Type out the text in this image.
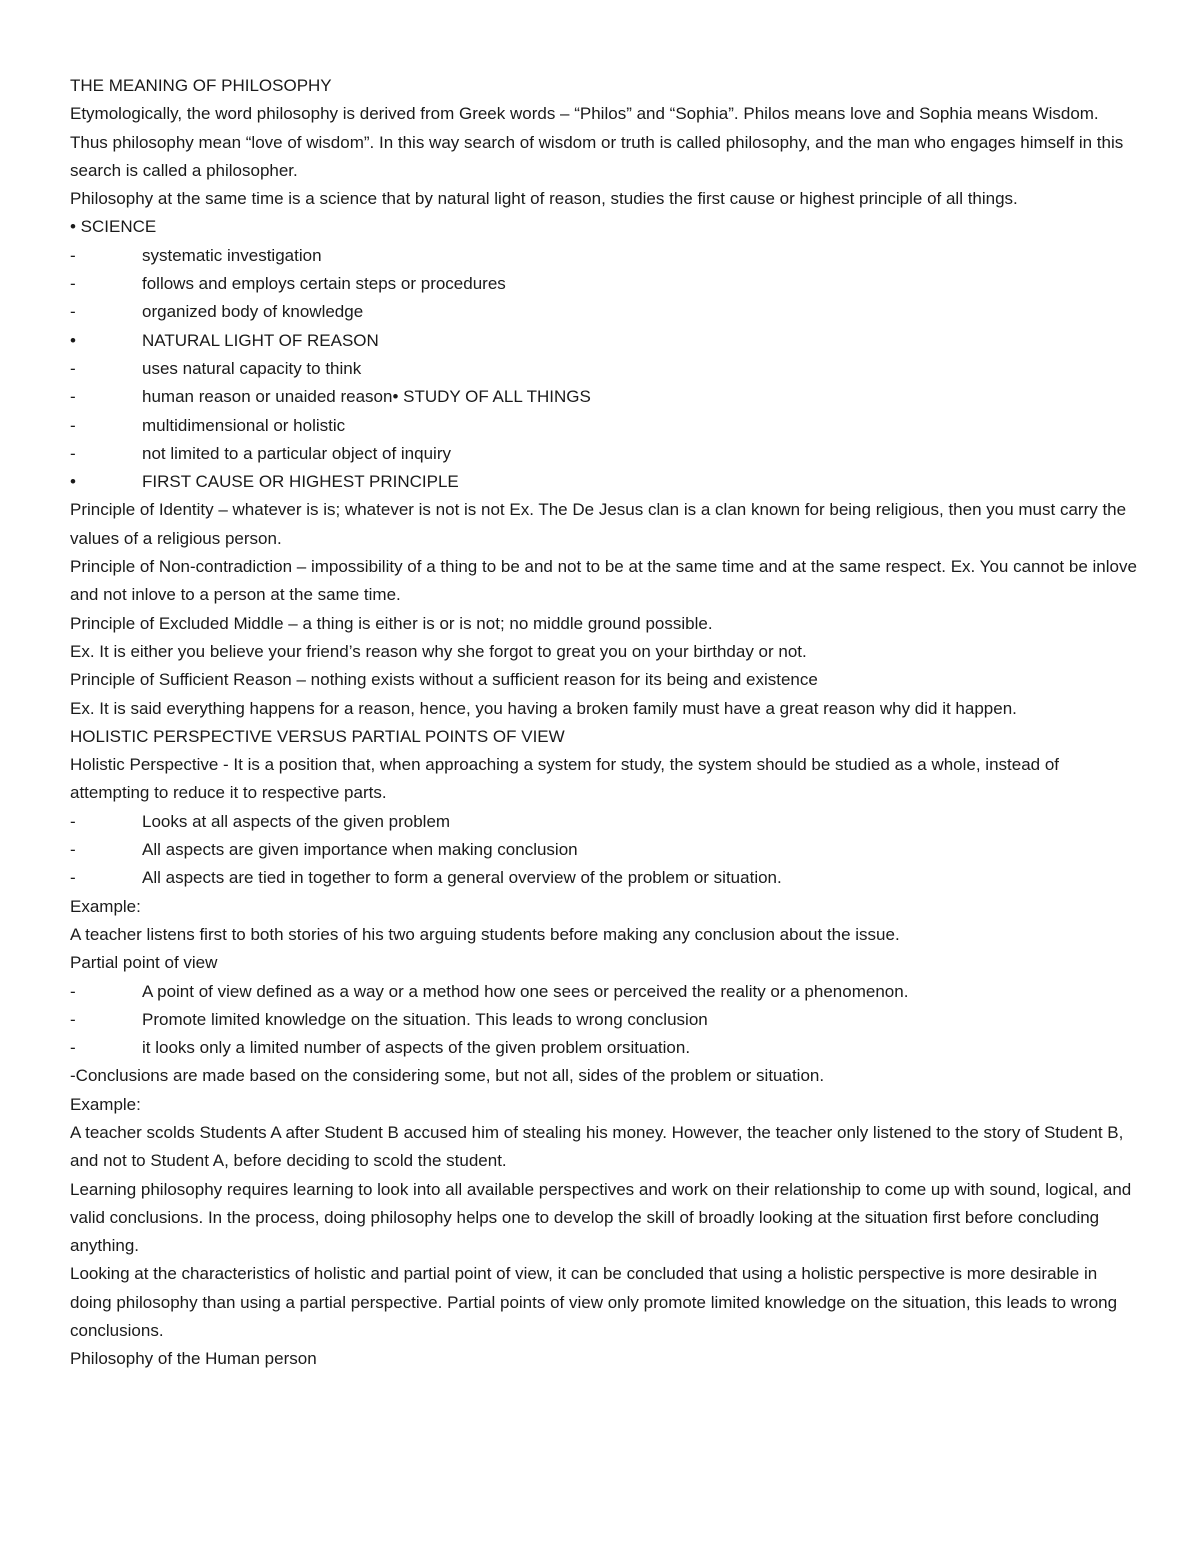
THE MEANING OF PHILOSOPHY

Etymologically, the word philosophy is derived from Greek words – “Philos” and “Sophia”. Philos means love and Sophia means Wisdom.

Thus philosophy mean “love of wisdom”. In this way search of wisdom or truth is called philosophy, and the man who engages himself in this search is called a philosopher.

Philosophy at the same time is a science that by natural light of reason, studies the first cause or highest principle of all things.

• SCIENCE

-	systematic investigation
-	follows and employs certain steps or procedures
-	organized body of knowledge
•	NATURAL LIGHT OF REASON
-	uses natural capacity to think
-	human reason or unaided reason• STUDY OF ALL THINGS
-	multidimensional or holistic
-	not limited to a particular object of inquiry
•	FIRST CAUSE OR HIGHEST PRINCIPLE

Principle of Identity – whatever is is; whatever is not is not Ex. The De Jesus clan is a clan known for being religious, then you must carry the values of a religious person.

Principle of Non-contradiction – impossibility of a thing to be and not to be at the same time and at the same respect. Ex. You cannot be inlove and not inlove to a person at the same time.

Principle of Excluded Middle – a thing is either is or is not; no middle ground possible.

Ex. It is either you believe your friend’s reason why she forgot to great you on your birthday or not.

Principle of Sufficient Reason – nothing exists without a sufficient reason for its being and existence

Ex. It is said everything happens for a reason, hence, you having a broken family must have a great reason why did it happen.

HOLISTIC PERSPECTIVE VERSUS PARTIAL POINTS OF VIEW

Holistic Perspective - It is a position that, when approaching a system for study, the system should be studied as a whole, instead of attempting to reduce it to respective parts.

-	Looks at all aspects of the given problem
-	All aspects are given importance when making conclusion
-	All aspects are tied in together to form a general overview of the problem or situation.

Example:

A teacher listens first to both stories of his two arguing students before making any conclusion about the issue.

Partial point of view

-	A point of view defined as a way or a method how one sees or perceived the reality or a phenomenon.
-	Promote limited knowledge on the situation. This leads to wrong conclusion
-	it looks only a limited number of aspects of the given problem orsituation.

-Conclusions are made based on the considering some, but not all, sides of the problem or situation.

Example:

A teacher scolds Students A after Student B accused him of stealing his money. However, the teacher only listened to the story of Student B, and not to Student A, before deciding to scold the student.

Learning philosophy requires learning to look into all available perspectives and work on their relationship to come up with sound, logical, and valid conclusions. In the process, doing philosophy helps one to develop the skill of broadly looking at the situation first before concluding anything.

Looking at the characteristics of holistic and partial point of view, it can be concluded that using a holistic perspective is more desirable in doing philosophy than using a partial perspective. Partial points of view only promote limited knowledge on the situation, this leads to wrong conclusions.

Philosophy of the Human person
